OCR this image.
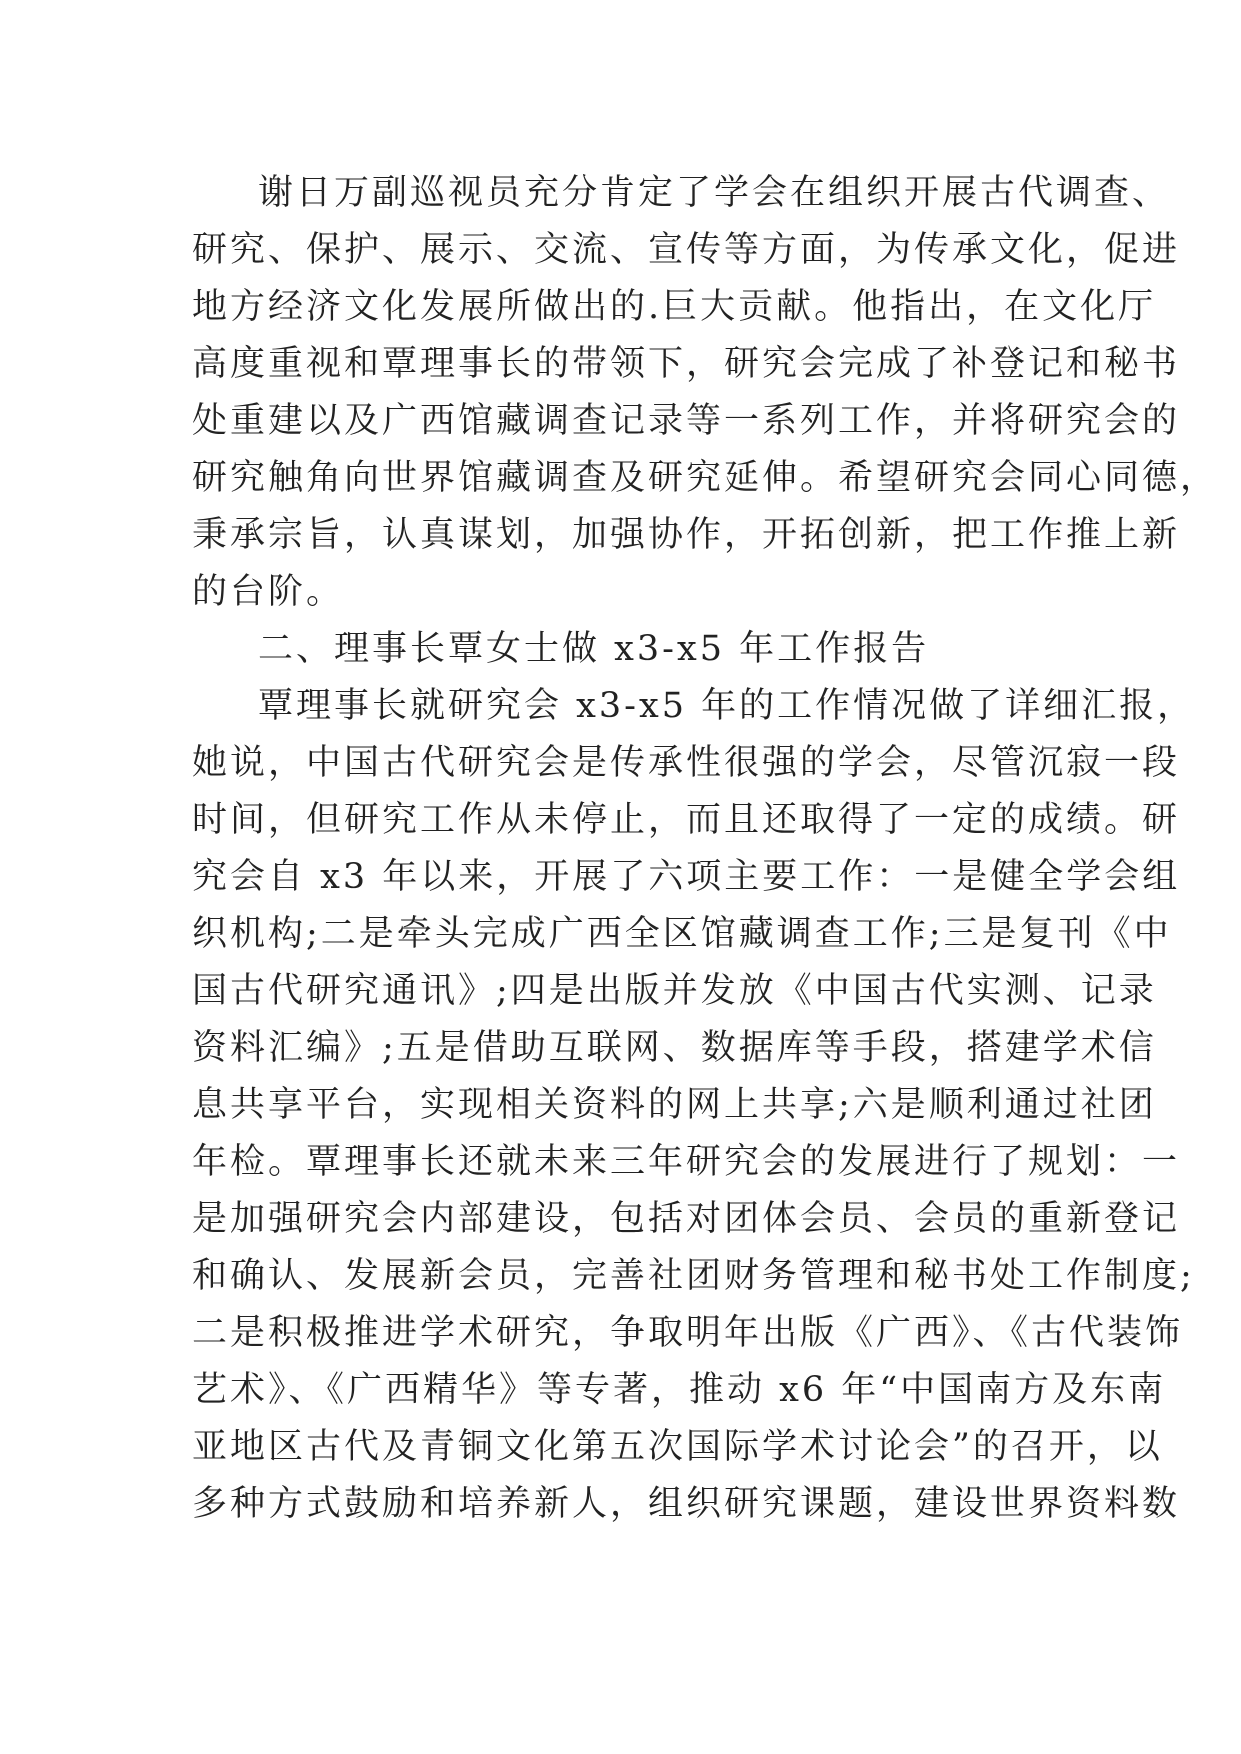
谢日万副巡视员充分肯定了学会在组织开展古代调查、
研究、保护、展示、交流、宣传等方面，为传承文化，促进
地方经济文化发展所做出的.巨大贡献。他指出，在文化厅
高度重视和覃理事长的带领下，研究会完成了补登记和秘书
处重建以及广西馆藏调查记录等一系列工作，并将研究会的
研究触角向世界馆藏调查及研究延伸。希望研究会同心同德，
秉承宗旨，认真谋划，加强协作，开拓创新，把工作推上新
的台阶。
二、理事长覃女士做 x3-x5 年工作报告
覃理事长就研究会 x3-x5 年的工作情况做了详细汇报，
她说，中国古代研究会是传承性很强的学会，尽管沉寂一段
时间，但研究工作从未停止，而且还取得了一定的成绩。研
究会自 x3 年以来，开展了六项主要工作：一是健全学会组
织机构;二是牵头完成广西全区馆藏调查工作;三是复刊《中
国古代研究通讯》;四是出版并发放《中国古代实测、记录
资料汇编》;五是借助互联网、数据库等手段，搭建学术信
息共享平台，实现相关资料的网上共享;六是顺利通过社团
年检。覃理事长还就未来三年研究会的发展进行了规划：一
是加强研究会内部建设，包括对团体会员、会员的重新登记
和确认、发展新会员，完善社团财务管理和秘书处工作制度;
二是积极推进学术研究，争取明年出版《广西》、《古代装饰
艺术》、《广西精华》等专著，推动 x6 年“中国南方及东南
亚地区古代及青铜文化第五次国际学术讨论会”的召开，以
多种方式鼓励和培养新人，组织研究课题，建设世界资料数
